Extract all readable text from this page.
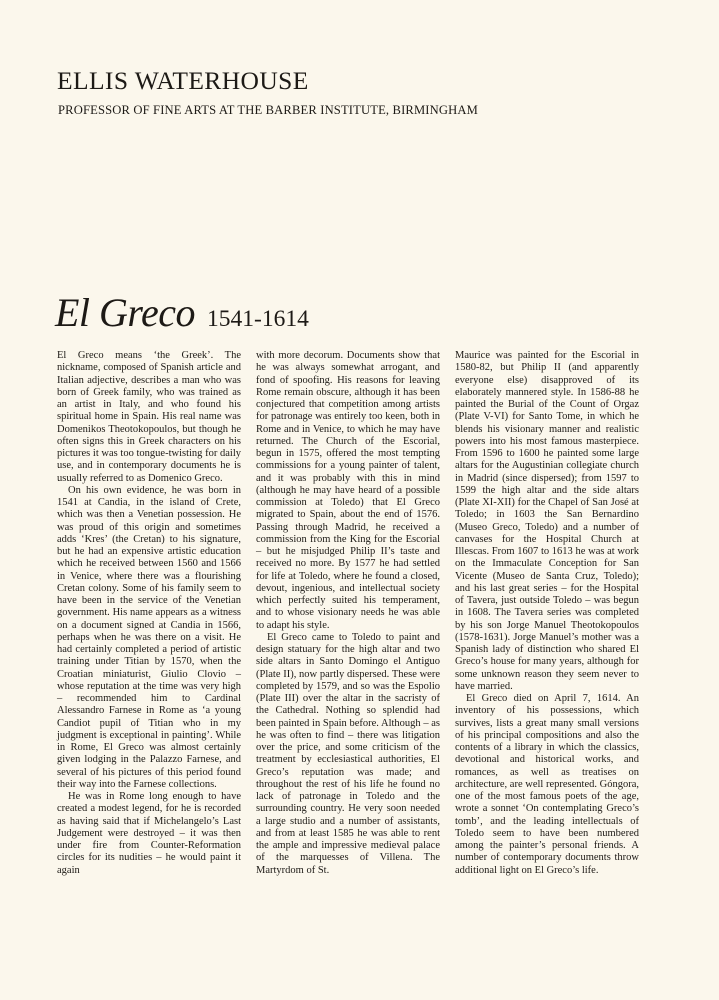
ELLIS WATERHOUSE
PROFESSOR OF FINE ARTS AT THE BARBER INSTITUTE, BIRMINGHAM
El Greco 1541-1614

El Greco means ‘the Greek’. The nickname, composed of Spanish article and Italian adjective, describes a man who was born of Greek family, who was trained as an artist in Italy, and who found his spiritual home in Spain. His real name was Domenikos Theotokopoulos, but though he often signs this in Greek characters on his pictures it was too tongue-twisting for daily use, and in contemporary documents he is usually referred to as Domenico Greco.

On his own evidence, he was born in 1541 at Candia, in the island of Crete, which was then a Venetian possession. He was proud of this origin and sometimes adds ‘Kres’ (the Cretan) to his signature, but he had an expensive artistic education which he received between 1560 and 1566 in Venice, where there was a flourishing Cretan colony. Some of his family seem to have been in the service of the Venetian government. His name appears as a witness on a document signed at Candia in 1566, perhaps when he was there on a visit. He had certainly completed a period of artistic training under Titian by 1570, when the Croatian miniaturist, Giulio Clovio – whose reputation at the time was very high – recommended him to Cardinal Alessandro Farnese in Rome as ‘a young Candiot pupil of Titian who in my judgment is exceptional in painting’. While in Rome, El Greco was almost certainly given lodging in the Palazzo Farnese, and several of his pictures of this period found their way into the Farnese collections.

He was in Rome long enough to have created a modest legend, for he is recorded as having said that if Michelangelo’s Last Judgement were destroyed – it was then under fire from Counter-Reformation circles for its nudities – he would paint it again

with more decorum. Documents show that he was always somewhat arrogant, and fond of spoofing. His reasons for leaving Rome remain obscure, although it has been conjectured that competition among artists for patronage was entirely too keen, both in Rome and in Venice, to which he may have returned. The Church of the Escorial, begun in 1575, offered the most tempting commissions for a young painter of talent, and it was probably with this in mind (although he may have heard of a possible commission at Toledo) that El Greco migrated to Spain, about the end of 1576. Passing through Madrid, he received a commission from the King for the Escorial – but he misjudged Philip II’s taste and received no more. By 1577 he had settled for life at Toledo, where he found a closed, devout, ingenious, and intellectual society which perfectly suited his temperament, and to whose visionary needs he was able to adapt his style.

El Greco came to Toledo to paint and design statuary for the high altar and two side altars in Santo Domingo el Antiguo (Plate II), now partly dispersed. These were completed by 1579, and so was the Espolio (Plate III) over the altar in the sacristy of the Cathedral. Nothing so splendid had been painted in Spain before. Although – as he was often to find – there was litigation over the price, and some criticism of the treatment by ecclesiastical authorities, El Greco’s reputation was made; and throughout the rest of his life he found no lack of patronage in Toledo and the surrounding country. He very soon needed a large studio and a number of assistants, and from at least 1585 he was able to rent the ample and impressive medieval palace of the marquesses of Villena. The Martyrdom of St.

Maurice was painted for the Escorial in 1580-82, but Philip II (and apparently everyone else) disapproved of its elaborately mannered style. In 1586-88 he painted the Burial of the Count of Orgaz (Plate V-VI) for Santo Tome, in which he blends his visionary manner and realistic powers into his most famous masterpiece. From 1596 to 1600 he painted some large altars for the Augustinian collegiate church in Madrid (since dispersed); from 1597 to 1599 the high altar and the side altars (Plate XI-XII) for the Chapel of San José at Toledo; in 1603 the San Bernardino (Museo Greco, Toledo) and a number of canvases for the Hospital Church at Illescas. From 1607 to 1613 he was at work on the Immaculate Conception for San Vicente (Museo de Santa Cruz, Toledo); and his last great series – for the Hospital of Tavera, just outside Toledo – was begun in 1608. The Tavera series was completed by his son Jorge Manuel Theotokopoulos (1578-1631). Jorge Manuel’s mother was a Spanish lady of distinction who shared El Greco’s house for many years, although for some unknown reason they seem never to have married.

El Greco died on April 7, 1614. An inventory of his possessions, which survives, lists a great many small versions of his principal compositions and also the contents of a library in which the classics, devotional and historical works, and romances, as well as treatises on architecture, are well represented. Góngora, one of the most famous poets of the age, wrote a sonnet ‘On contemplating Greco’s tomb’, and the leading intellectuals of Toledo seem to have been numbered among the painter’s personal friends. A number of contemporary documents throw additional light on El Greco’s life.
